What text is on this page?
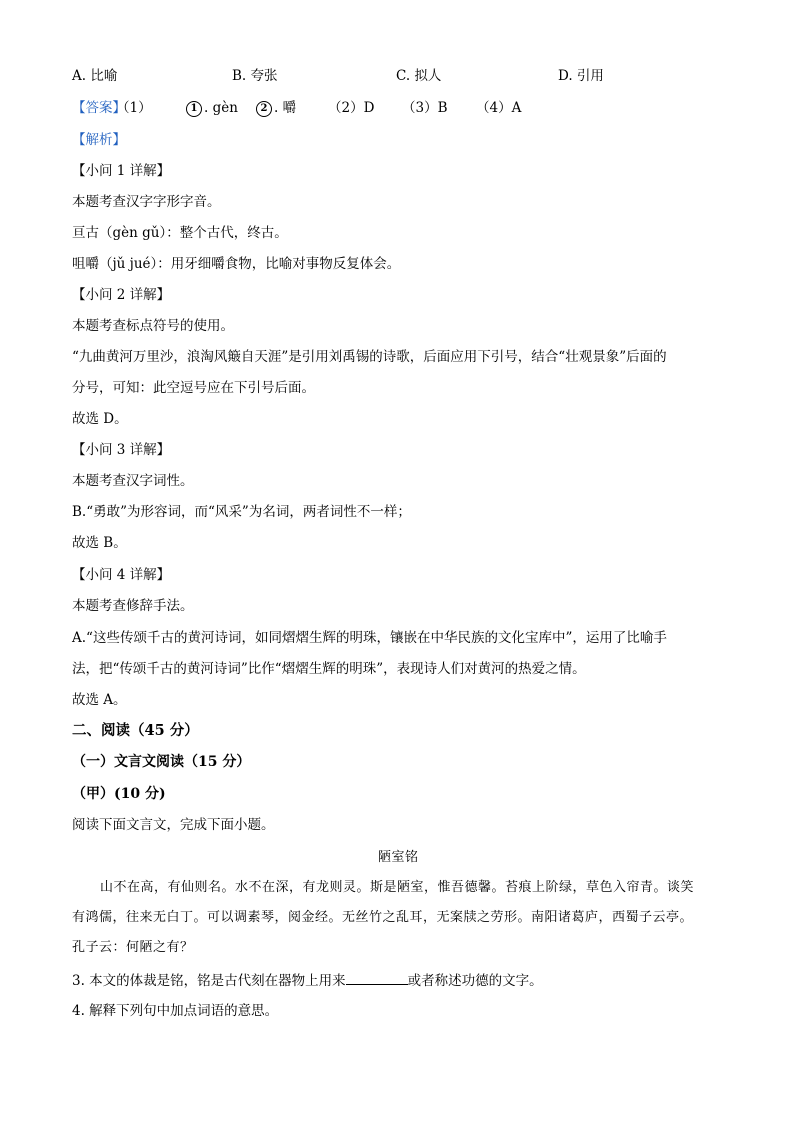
A. 比喻	B. 夸张	C. 拟人	D. 引用
【答案】
（1）	1 . gèn	2 . 嚼 （2）D （3）B （4）A
【解析】
【小问 1 详解】
本题考查汉字字形字音。
亘古（gèn gǔ）：整个古代，终古。
咀嚼（jǔ jué）：用牙细嚼食物，比喻对事物反复体会。
【小问 2 详解】
本题考查标点符号的使用。
“九曲黄河万里沙，浪淘风簸自天涯”是引用刘禹锡的诗歌，后面应用下引号，结合“壮观景象”后面的
分号，可知：此空逗号应在下引号后面。
故选 D。
【小问 3 详解】
本题考查汉字词性。
B.“勇敢”为形容词，而“风采”为名词，两者词性不一样；
故选 B。
【小问 4 详解】
本题考查修辞手法。
A.“这些传颂千古的黄河诗词，如同熠熠生辉的明珠，镶嵌在中华民族的文化宝库中”，运用了比喻手
法，把“传颂千古的黄河诗词”比作“熠熠生辉的明珠”，表现诗人们对黄河的热爱之情。
故选 A。
二、阅读（45 分）
（一）文言文阅读（15 分）
（甲）(10 分)
阅读下面文言文，完成下面小题。
陋室铭
山不在高，有仙则名。水不在深，有龙则灵。斯是陋室，惟吾德馨。苔痕上阶绿，草色入帘青。谈笑
有鸿儒，往来无白丁。可以调素琴，阅金经。无丝竹之乱耳，无案牍之劳形。南阳诸葛庐，西蜀子云亭。
孔子云：何陋之有？
3. 本文的体裁是铭，铭是古代刻在器物上用来	或者称述功德的文字。
4. 解释下列句中加点词语的意思。
